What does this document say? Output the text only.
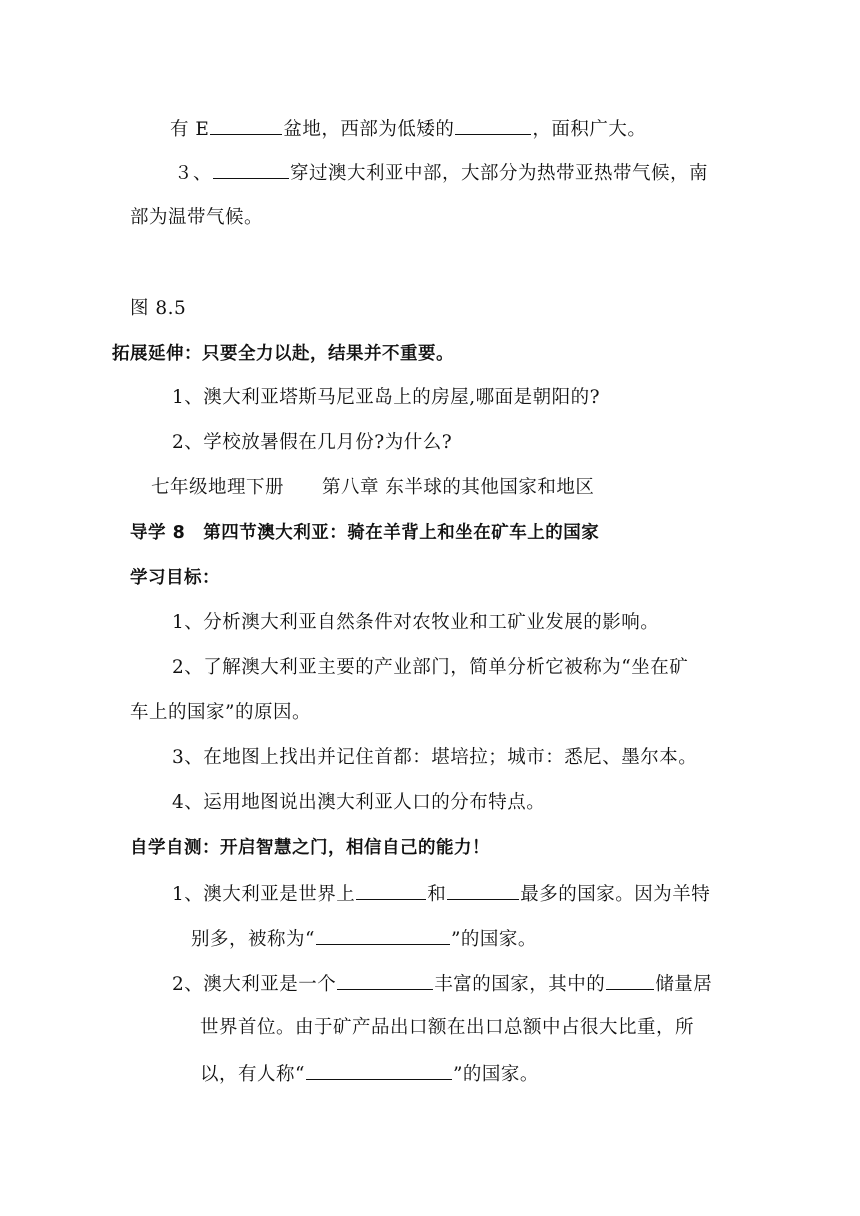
有 E	盆地，西部为低矮的	，面积广大。
３、	穿过澳大利亚中部，大部分为热带亚热带气候，南
部为温带气候。
图 8.5
拓展延伸：只要全力以赴，结果并不重要。
1、澳大利亚塔斯马尼亚岛上的房屋,哪面是朝阳的?
2、学校放暑假在几月份?为什么?
七年级地理下册　　第八章 东半球的其他国家和地区
导学 8　第四节澳大利亚：骑在羊背上和坐在矿车上的国家
学习目标：
1、分析澳大利亚自然条件对农牧业和工矿业发展的影响。
2、了解澳大利亚主要的产业部门，简单分析它被称为“坐在矿
车上的国家”的原因。
3、在地图上找出并记住首都：堪培拉；城市：悉尼、墨尔本。
4、运用地图说出澳大利亚人口的分布特点。
自学自测：开启智慧之门，相信自己的能力！
1、澳大利亚是世界上	和	最多的国家。因为羊特
别多，被称为“	”的国家。
2、澳大利亚是一个	丰富的国家，其中的	储量居
世界首位。由于矿产品出口额在出口总额中占很大比重，所
以，有人称“	”的国家。
